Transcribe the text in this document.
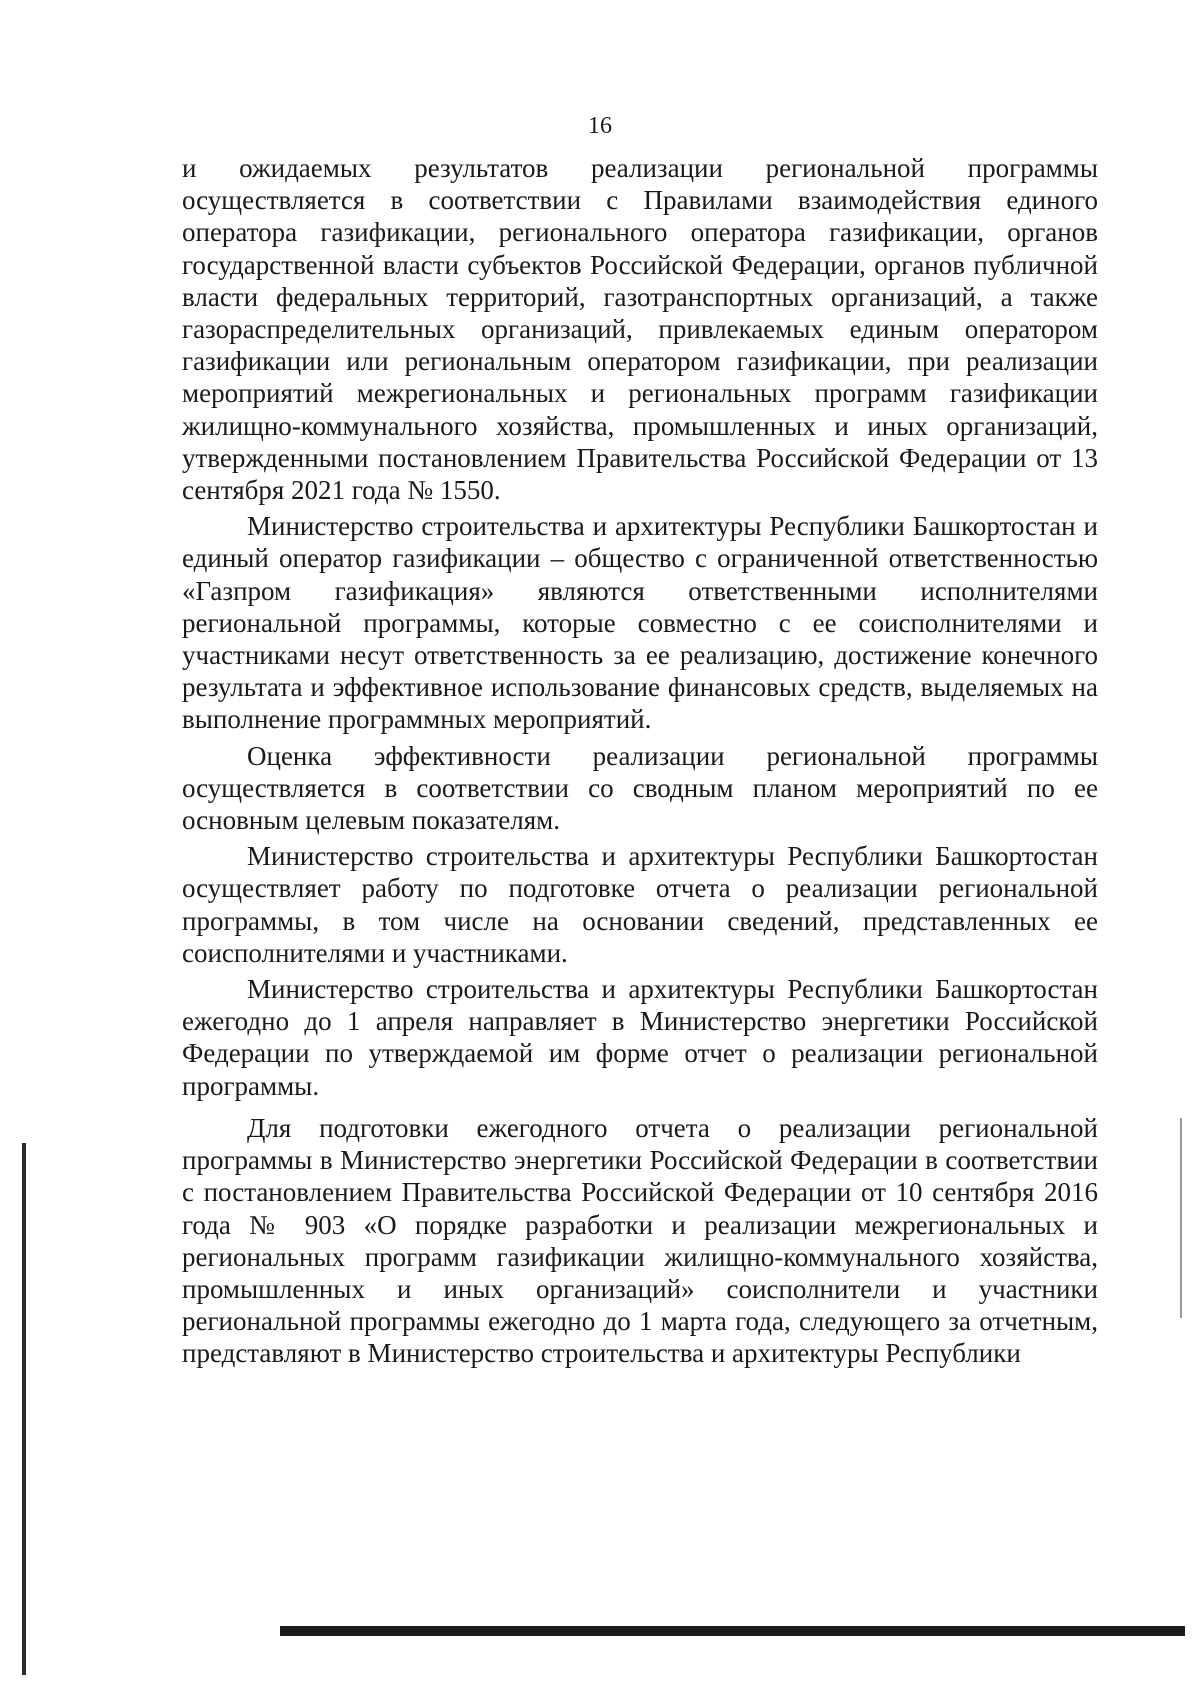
16

и ожидаемых результатов реализации региональной программы осуществляется в соответствии с Правилами взаимодействия единого оператора газификации, регионального оператора газификации, органов государственной власти субъектов Российской Федерации, органов публичной власти федеральных территорий, газотранспортных организаций, а также газораспределительных организаций, привлекаемых единым оператором газификации или региональным оператором газификации, при реализации мероприятий межрегиональных и региональных программ газификации жилищно-коммунального хозяйства, промышленных и иных организаций, утвержденными постановлением Правительства Российской Федерации от 13 сентября 2021 года № 1550.

Министерство строительства и архитектуры Республики Башкортостан и единый оператор газификации – общество с ограниченной ответственностью «Газпром газификация» являются ответственными исполнителями региональной программы, которые совместно с ее соисполнителями и участниками несут ответственность за ее реализацию, достижение конечного результата и эффективное использование финансовых средств, выделяемых на выполнение программных мероприятий.

Оценка эффективности реализации региональной программы осуществляется в соответствии со сводным планом мероприятий по ее основным целевым показателям.

Министерство строительства и архитектуры Республики Башкортостан осуществляет работу по подготовке отчета о реализации региональной программы, в том числе на основании сведений, представленных ее соисполнителями и участниками.

Министерство строительства и архитектуры Республики Башкортостан ежегодно до 1 апреля направляет в Министерство энергетики Российской Федерации по утверждаемой им форме отчет о реализации региональной программы.

Для подготовки ежегодного отчета о реализации региональной программы в Министерство энергетики Российской Федерации в соответствии с постановлением Правительства Российской Федерации от 10 сентября 2016 года № 903 «О порядке разработки и реализации межрегиональных и региональных программ газификации жилищно-коммунального хозяйства, промышленных и иных организаций» соисполнители и участники региональной программы ежегодно до 1 марта года, следующего за отчетным, представляют в Министерство строительства и архитектуры Республики
